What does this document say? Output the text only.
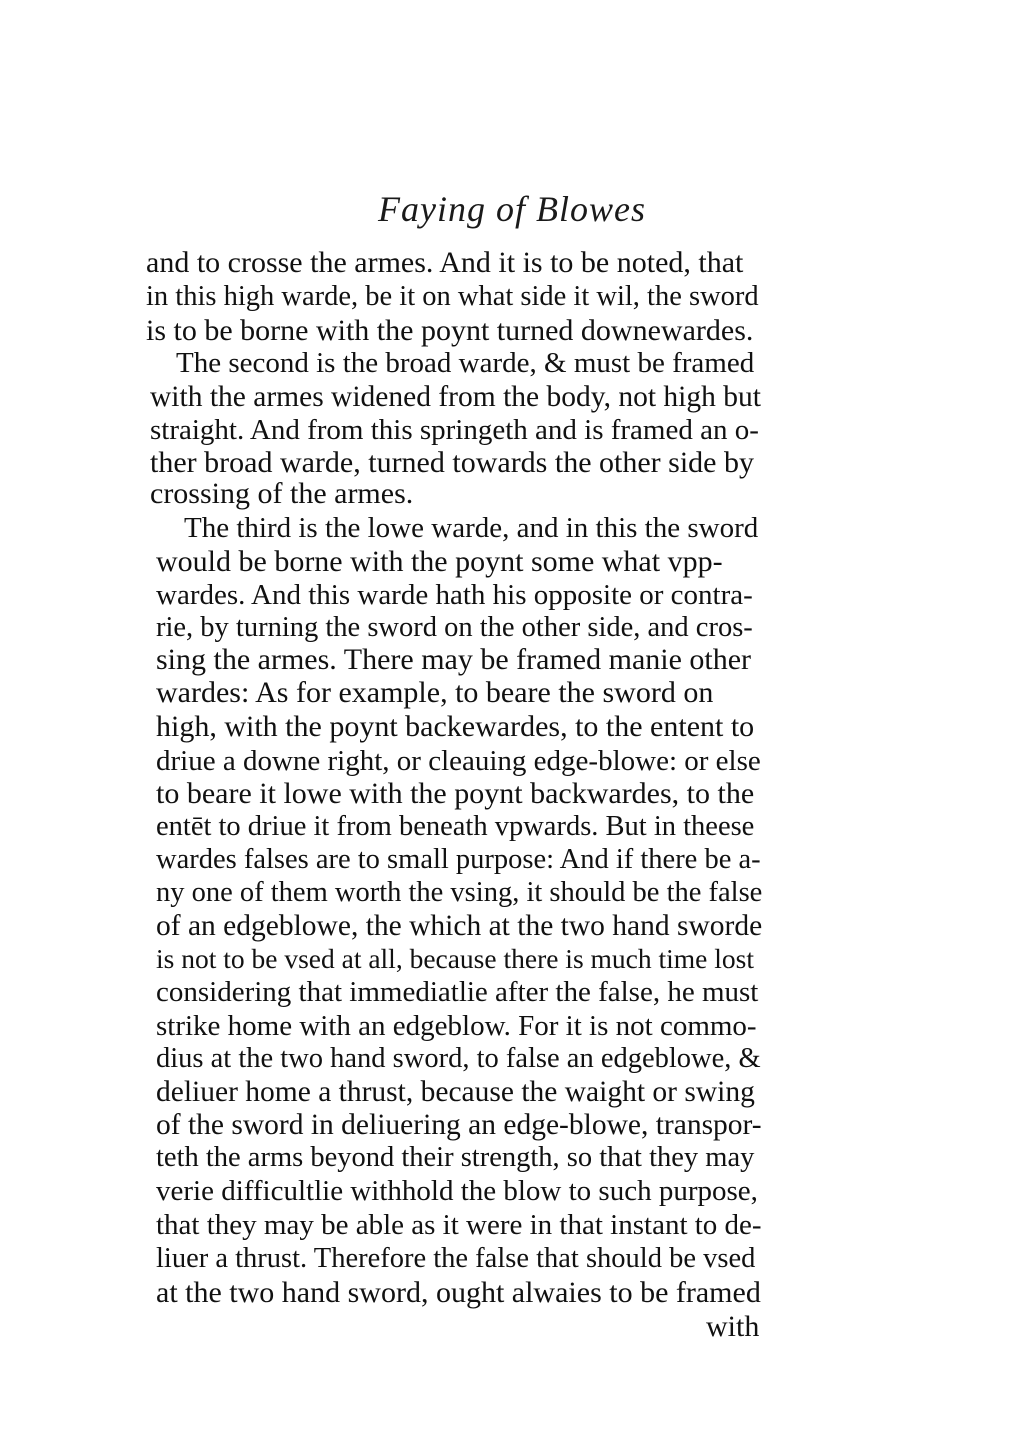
Faying of Blowes
and to crosse the armes. And it is to be noted, that
in this high warde, be it on what side it wil, the sword
is to be borne with the poynt turned downewardes.
The second is the broad warde, & must be framed
with the armes widened from the body, not high but
straight. And from this springeth and is framed an o-
ther broad warde, turned towards the other side by
crossing of the armes.
The third is the lowe warde, and in this the sword
would be borne with the poynt some what vpp-
wardes. And this warde hath his opposite or contra-
rie, by turning the sword on the other side, and cros-
sing the armes. There may be framed manie other
wardes: As for example, to beare the sword on
high, with the poynt backewardes, to the entent to
driue a downe right, or cleauing edge-blowe: or else
to beare it lowe with the poynt backwardes, to the
entēt to driue it from beneath vpwards. But in theese
wardes falses are to small purpose: And if there be a-
ny one of them worth the vsing, it should be the false
of an edgeblowe, the which at the two hand sworde
is not to be vsed at all, because there is much time lost
considering that immediatlie after the false, he must
strike home with an edgeblow. For it is not commo-
dius at the two hand sword, to false an edgeblowe, &
deliuer home a thrust, because the waight or swing
of the sword in deliuering an edge-blowe, transpor-
teth the arms beyond their strength, so that they may
verie difficultlie withhold the blow to such purpose,
that they may be able as it were in that instant to de-
liuer a thrust. Therefore the false that should be vsed
at the two hand sword, ought alwaies to be framed
with
